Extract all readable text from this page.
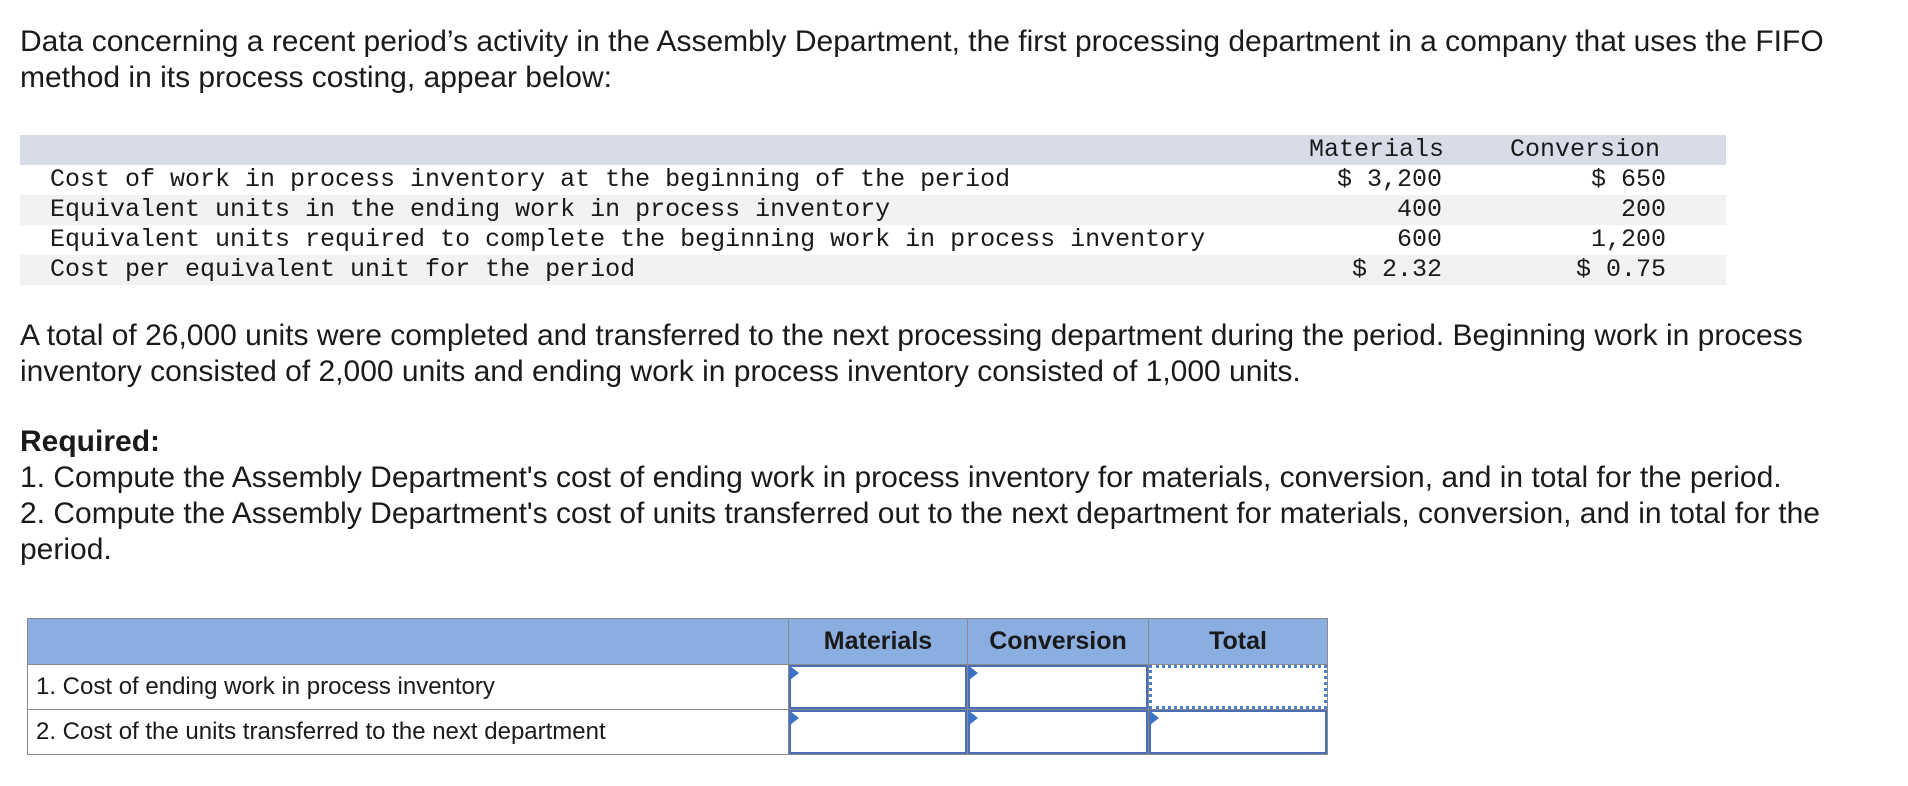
Data concerning a recent period’s activity in the Assembly Department, the first processing department in a company that uses the FIFO method in its process costing, appear below:

	Materials	Conversion
Cost of work in process inventory at the beginning of the period	$ 3,200	$ 650
Equivalent units in the ending work in process inventory	400	200
Equivalent units required to complete the beginning work in process inventory	600	1,200
Cost per equivalent unit for the period	$ 2.32	$ 0.75

A total of 26,000 units were completed and transferred to the next processing department during the period. Beginning work in process inventory consisted of 2,000 units and ending work in process inventory consisted of 1,000 units.

Required:
1. Compute the Assembly Department's cost of ending work in process inventory for materials, conversion, and in total for the period.
2. Compute the Assembly Department's cost of units transferred out to the next department for materials, conversion, and in total for the period.
	Materials	Conversion	Total
1. Cost of ending work in process inventory	

2. Cost of the units transferred to the next department	
